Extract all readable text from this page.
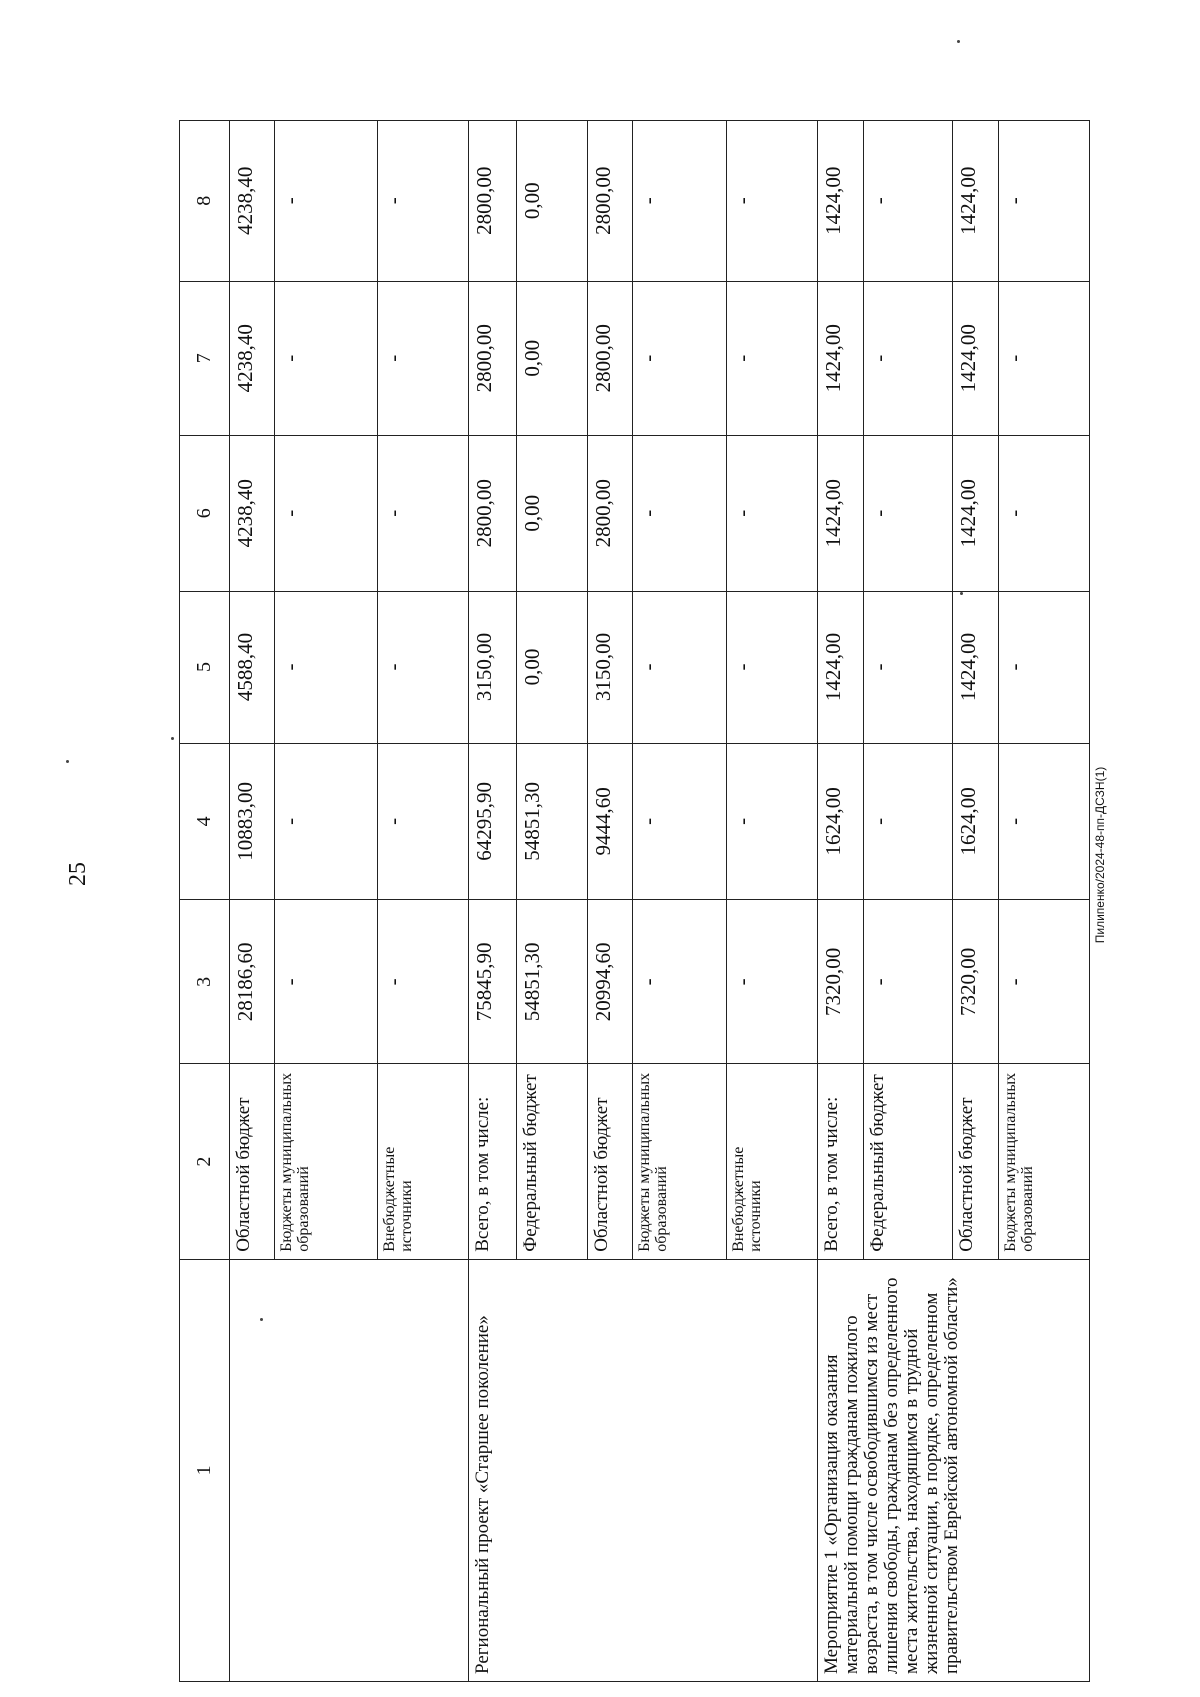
25	Пилипенко/2024-48-пп-ДСЗН(1)
1	2	3	4	5	6	7	8
	Областной бюджет	28186,60	10883,00	4588,40	4238,40	4238,40	4238,40
	Бюджеты муниципальных образований	-	-	-	-	-	-
	Внебюджетные источники	-	-	-	-	-	-
Региональный проект «Старшее поколение»	Всего, в том числе:	75845,90	64295,90	3150,00	2800,00	2800,00	2800,00
	Федеральный бюджет	54851,30	54851,30	0,00	0,00	0,00	0,00
	Областной бюджет	20994,60	9444,60	3150,00	2800,00	2800,00	2800,00
	Бюджеты муниципальных образований	-	-	-	-	-	-
	Внебюджетные источники	-	-	-	-	-	-
Мероприятие 1 «Организация оказания материальной помощи гражданам пожилого возраста, в том числе освободившимся из мест лишения свободы, гражданам без определенного места жительства, находящимся в трудной жизненной ситуации, в порядке, определенном правительством Еврейской автономной области»	Всего, в том числе:	7320,00	1624,00	1424,00	1424,00	1424,00	1424,00
	Федеральный бюджет	-	-	-	-	-	-
	Областной бюджет	7320,00	1624,00	1424,00	1424,00	1424,00	1424,00
	Бюджеты муниципальных образований	-	-	-	-	-	-
